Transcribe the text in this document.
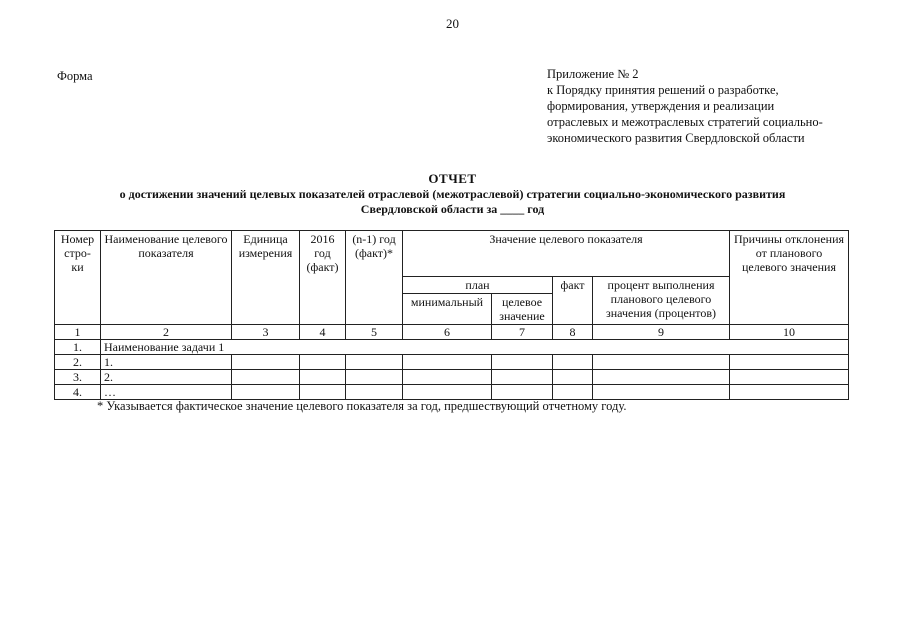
20
Форма	Приложение № 2
к Порядку принятия решений о разработке,
формирования, утверждения и реализации
отраслевых и межотраслевых стратегий социально-
экономического развития Свердловской области
ОТЧЕТ
о достижении значений целевых показателей отраслевой (межотраслевой) стратегии социально-экономического развития
Свердловской области за ____ год
Номер стро- ки	Наименование целевого показателя	Единица измерения	2016 год (факт)	(n-1) год (факт)*	Значение целевого показателя				Причины отклонения от планового целевого значения
					план		факт	процент выполнения планового целевого значения (процентов)	
					минимальный	целевое значение			
1	2	3	4	5	6	7	8	9	10
1.	Наименование задачи 1								
2.	1.								
3.	2.								
4.	…								
* Указывается фактическое значение целевого показателя за год, предшествующий отчетному году.
